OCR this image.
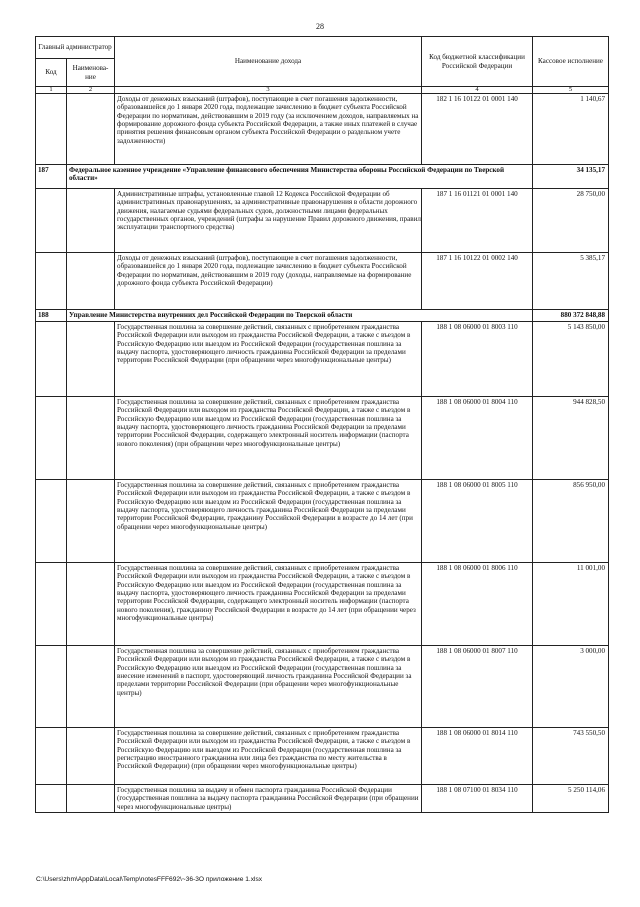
28
Главный администратор		Наименование дохода	Код бюджетной классификации Российской Федерации	Кассовое исполнение
Код	Наименова-ние			
1	2	3	4	5
		Доходы от денежных взысканий (штрафов), поступающие в счет погашения задолженности, образовавшейся до 1 января 2020 года, подлежащие зачислению в бюджет субъекта Российской Федерации по нормативам, действовавшим в 2019 году (за исключением доходов, направляемых на формирование дорожного фонда субъекта Российской Федерации, а также иных платежей в случае принятия решения финансовым органом субъекта Российской Федерации о раздельном учете задолженности)	182 1 16 10122 01 0001 140	1 140,67
187	Федеральное казенное учреждение «Управление финансового обеспечения Министерства обороны Российской Федерации по Тверской области»			34 135,17
		Административные штрафы, установленные главой 12 Кодекса Российской Федерации об административных правонарушениях, за административные правонарушения в области дорожного движения, налагаемые судьями федеральных судов, должностными лицами федеральных государственных органов, учреждений (штрафы за нарушение Правил дорожного движения, правил эксплуатации транспортного средства)	187 1 16 01121 01 0001 140	28 750,00
		Доходы от денежных взысканий (штрафов), поступающие в счет погашения задолженности, образовавшейся до 1 января 2020 года, подлежащие зачислению в бюджет субъекта Российской Федерации по нормативам, действовавшим в 2019 году (доходы, направляемые на формирование дорожного фонда субъекта Российской Федерации)	187 1 16 10122 01 0002 140	5 385,17
188	Управление Министерства внутренних дел Российской Федерации по Тверской области			880 372 848,88
		Государственная пошлина за совершение действий, связанных с приобретением гражданства Российской Федерации или выходом из гражданства Российской Федерации, а также с въездом в Российскую Федерацию или выездом из Российской Федерации (государственная пошлина за выдачу паспорта, удостоверяющего личность гражданина Российской Федерации за пределами территории Российской Федерации (при обращении через многофункциональные центры)	188 1 08 06000 01 8003 110	5 143 850,00
		Государственная пошлина за совершение действий, связанных с приобретением гражданства Российской Федерации или выходом из гражданства Российской Федерации, а также с въездом в Российскую Федерацию или выездом из Российской Федерации (государственная пошлина за выдачу паспорта, удостоверяющего личность гражданина Российской Федерации за пределами территории Российской Федерации, содержащего электронный носитель информации (паспорта нового поколения) (при обращении через многофункциональные центры)	188 1 08 06000 01 8004 110	944 828,50
		Государственная пошлина за совершение действий, связанных с приобретением гражданства Российской Федерации или выходом из гражданства Российской Федерации, а также с въездом в Российскую Федерацию или выездом из Российской Федерации (государственная пошлина за выдачу паспорта, удостоверяющего личность гражданина Российской Федерации за пределами территории Российской Федерации, гражданину Российской Федерации в возрасте до 14 лет (при обращении через многофункциональные центры)	188 1 08 06000 01 8005 110	856 950,00
		Государственная пошлина за совершение действий, связанных с приобретением гражданства Российской Федерации или выходом из гражданства Российской Федерации, а также с въездом в Российскую Федерацию или выездом из Российской Федерации (государственная пошлина за выдачу паспорта, удостоверяющего личность гражданина Российской Федерации за пределами территории Российской Федерации, содержащего электронный носитель информации (паспорта нового поколения), гражданину Российской Федерации в возрасте до 14 лет (при обращении через многофункциональные центры)	188 1 08 06000 01 8006 110	11 001,00
		Государственная пошлина за совершение действий, связанных с приобретением гражданства Российской Федерации или выходом из гражданства Российской Федерации, а также с въездом в Российскую Федерацию или выездом из Российской Федерации (государственная пошлина за внесение изменений в паспорт, удостоверяющий личность гражданина Российской Федерации за пределами территории Российской Федерации (при обращении через многофункциональные центры)	188 1 08 06000 01 8007 110	3 000,00
		Государственная пошлина за совершение действий, связанных с приобретением гражданства Российской Федерации или выходом из гражданства Российской Федерации, а также с въездом в Российскую Федерацию или выездом из Российской Федерации (государственная пошлина за регистрацию иностранного гражданина или лица без гражданства по месту жительства в Российской Федерации) (при обращении через многофункциональные центры)	188 1 08 06000 01 8014 110	743 550,50
		Государственная пошлина за выдачу и обмен паспорта гражданина Российской Федерации (государственная пошлина за выдачу паспорта гражданина Российской Федерации (при обращении через многофункциональные центры)	188 1 08 07100 01 8034 110	5 250 114,06
C:\Users\zhm\AppData\Local\Temp\notesFFF692\~36-3O приложение 1.xlsx
